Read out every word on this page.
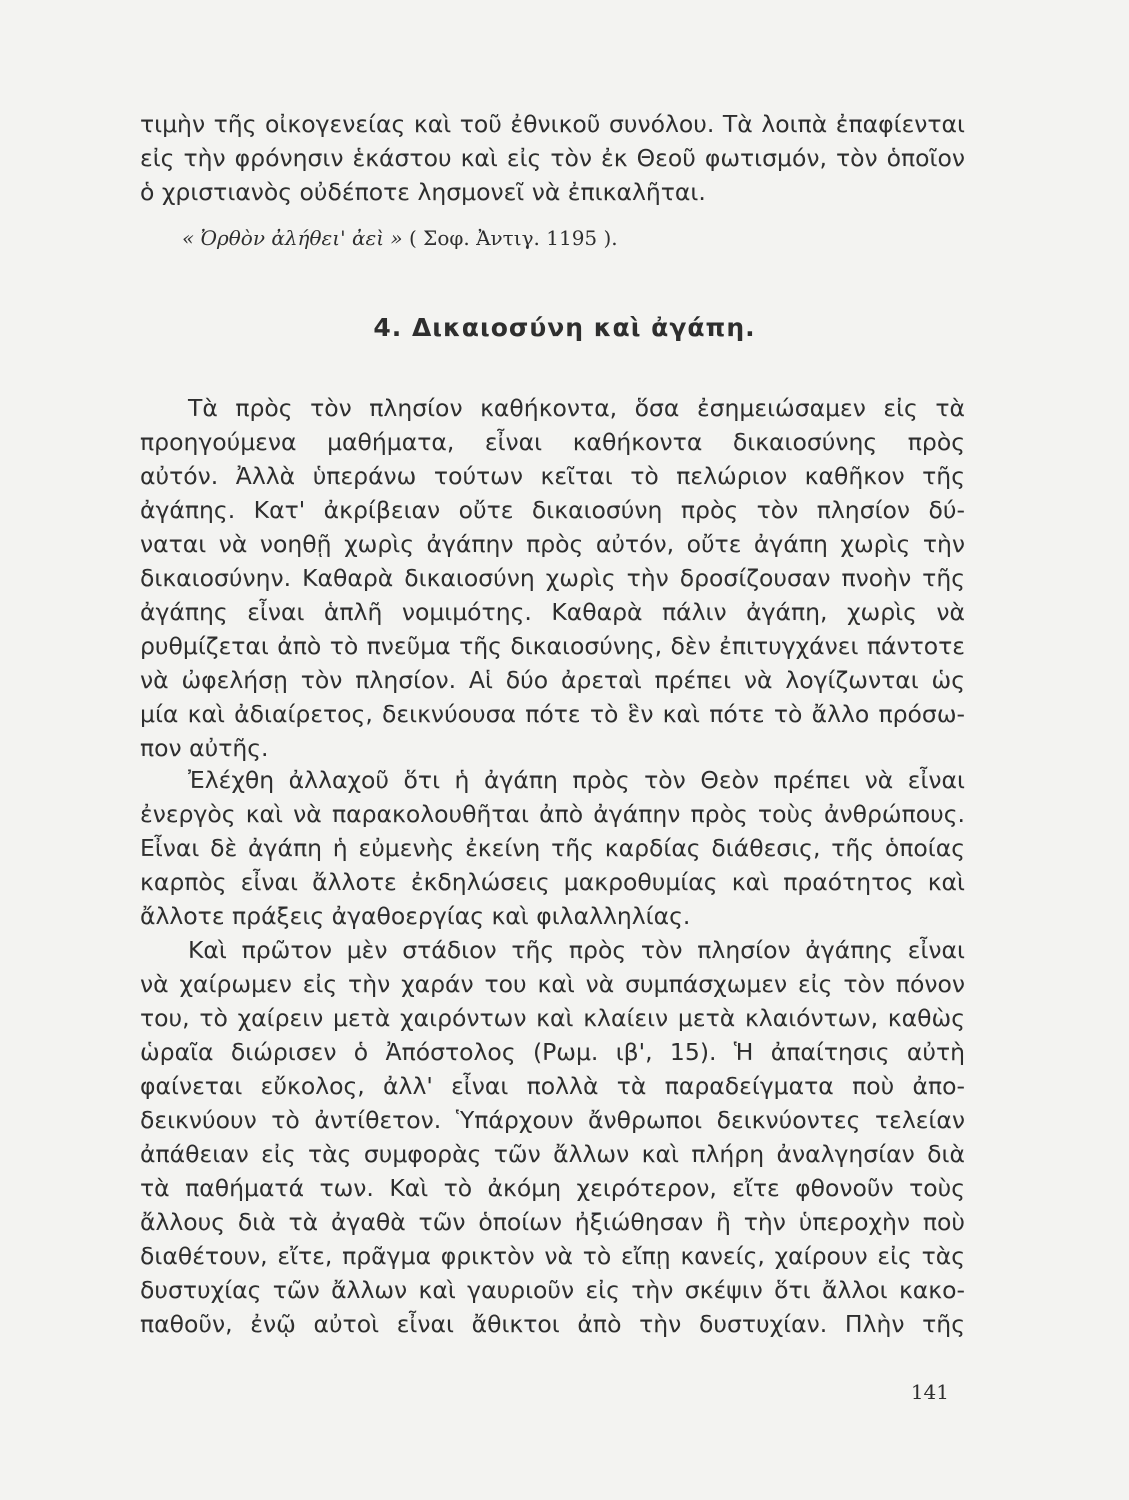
τιμὴν τῆς οἰκογενείας καὶ τοῦ ἐθνικοῦ συνόλου. Τὰ λοιπὰ ἐπαφίενται
εἰς τὴν φρόνησιν ἑκάστου καὶ εἰς τὸν ἐκ Θεοῦ φωτισμόν, τὸν ὁποῖον
ὁ χριστιανὸς οὐδέποτε λησμονεῖ νὰ ἐπικαλῆται.
« Ὀρθὸν ἀλήθει' ἀεὶ » ( Σοφ. Ἀντιγ. 1195 ).
4. Δικαιοσύνη καὶ ἀγάπη.
Τὰ πρὸς τὸν πλησίον καθήκοντα, ὅσα ἐσημειώσαμεν εἰς τὰ
προηγούμενα μαθήματα, εἶναι καθήκοντα δικαιοσύνης πρὸς
αὐτόν. Ἀλλὰ ὑπεράνω τούτων κεῖται τὸ πελώριον καθῆκον τῆς
ἀγάπης. Κατ' ἀκρίβειαν οὔτε δικαιοσύνη πρὸς τὸν πλησίον δύ-
ναται νὰ νοηθῇ χωρὶς ἀγάπην πρὸς αὐτόν, οὔτε ἀγάπη χωρὶς τὴν
δικαιοσύνην. Καθαρὰ δικαιοσύνη χωρὶς τὴν δροσίζουσαν πνοὴν τῆς
ἀγάπης εἶναι ἁπλῆ νομιμότης. Καθαρὰ πάλιν ἀγάπη, χωρὶς νὰ
ρυθμίζεται ἀπὸ τὸ πνεῦμα τῆς δικαιοσύνης, δὲν ἐπιτυγχάνει πάντοτε
νὰ ὠφελήσῃ τὸν πλησίον. Αἱ δύο ἀρεταὶ πρέπει νὰ λογίζωνται ὡς
μία καὶ ἀδιαίρετος, δεικνύουσα πότε τὸ ἓν καὶ πότε τὸ ἄλλο πρόσω-
πον αὐτῆς.
Ἐλέχθη ἀλλαχοῦ ὅτι ἡ ἀγάπη πρὸς τὸν Θεὸν πρέπει νὰ εἶναι
ἐνεργὸς καὶ νὰ παρακολουθῆται ἀπὸ ἀγάπην πρὸς τοὺς ἀνθρώπους.
Εἶναι δὲ ἀγάπη ἡ εὐμενὴς ἐκείνη τῆς καρδίας διάθεσις, τῆς ὁποίας
καρπὸς εἶναι ἄλλοτε ἐκδηλώσεις μακροθυμίας καὶ πραότητος καὶ
ἄλλοτε πράξεις ἀγαθοεργίας καὶ φιλαλληλίας.
Καὶ πρῶτον μὲν στάδιον τῆς πρὸς τὸν πλησίον ἀγάπης εἶναι
νὰ χαίρωμεν εἰς τὴν χαράν του καὶ νὰ συμπάσχωμεν εἰς τὸν πόνον
του, τὸ χαίρειν μετὰ χαιρόντων καὶ κλαίειν μετὰ κλαιόντων, καθὼς
ὡραῖα διώρισεν ὁ Ἀπόστολος (Ρωμ. ιβ', 15). Ἡ ἀπαίτησις αὐτὴ
φαίνεται εὔκολος, ἀλλ' εἶναι πολλὰ τὰ παραδείγματα ποὺ ἀπο-
δεικνύουν τὸ ἀντίθετον. Ὑπάρχουν ἄνθρωποι δεικνύοντες τελείαν
ἀπάθειαν εἰς τὰς συμφορὰς τῶν ἄλλων καὶ πλήρη ἀναλγησίαν διὰ
τὰ παθήματά των. Καὶ τὸ ἀκόμη χειρότερον, εἴτε φθονοῦν τοὺς
ἄλλους διὰ τὰ ἀγαθὰ τῶν ὁποίων ἠξιώθησαν ἢ τὴν ὑπεροχὴν ποὺ
διαθέτουν, εἴτε, πρᾶγμα φρικτὸν νὰ τὸ εἴπῃ κανείς, χαίρουν εἰς τὰς
δυστυχίας τῶν ἄλλων καὶ γαυριοῦν εἰς τὴν σκέψιν ὅτι ἄλλοι κακο-
παθοῦν, ἐνῷ αὐτοὶ εἶναι ἄθικτοι ἀπὸ τὴν δυστυχίαν. Πλὴν τῆς
141
